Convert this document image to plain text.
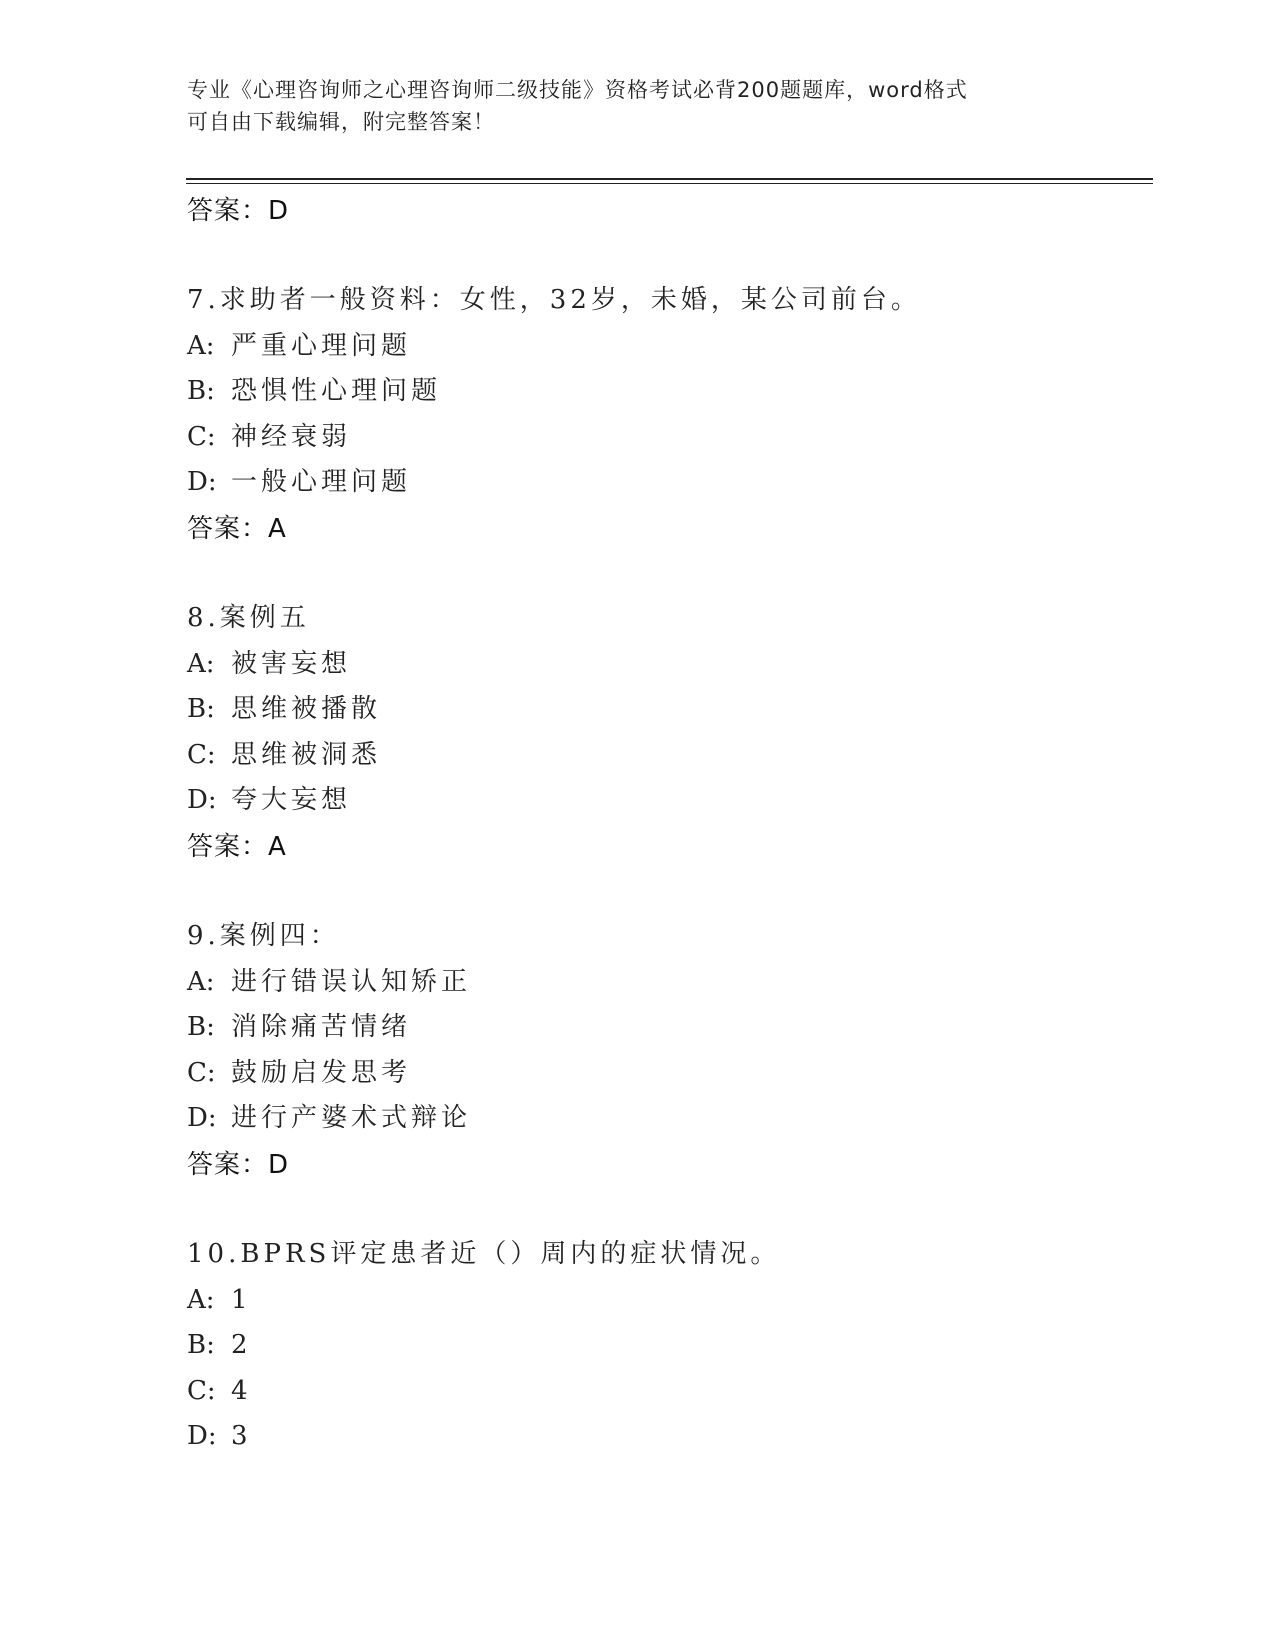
专业《心理咨询师之心理咨询师二级技能》资格考试必背200题题库，word格式
可自由下载编辑，附完整答案！
答案：D
7.求助者一般资料：女性，32岁，未婚，某公司前台。
A: 严重心理问题
B: 恐惧性心理问题
C: 神经衰弱
D: 一般心理问题
答案：A
8.案例五
A: 被害妄想
B: 思维被播散
C: 思维被洞悉
D: 夸大妄想
答案：A
9.案例四：
A: 进行错误认知矫正
B: 消除痛苦情绪
C: 鼓励启发思考
D: 进行产婆术式辩论
答案：D
10.BPRS评定患者近（）周内的症状情况。
A: 1
B: 2
C: 4
D: 3
